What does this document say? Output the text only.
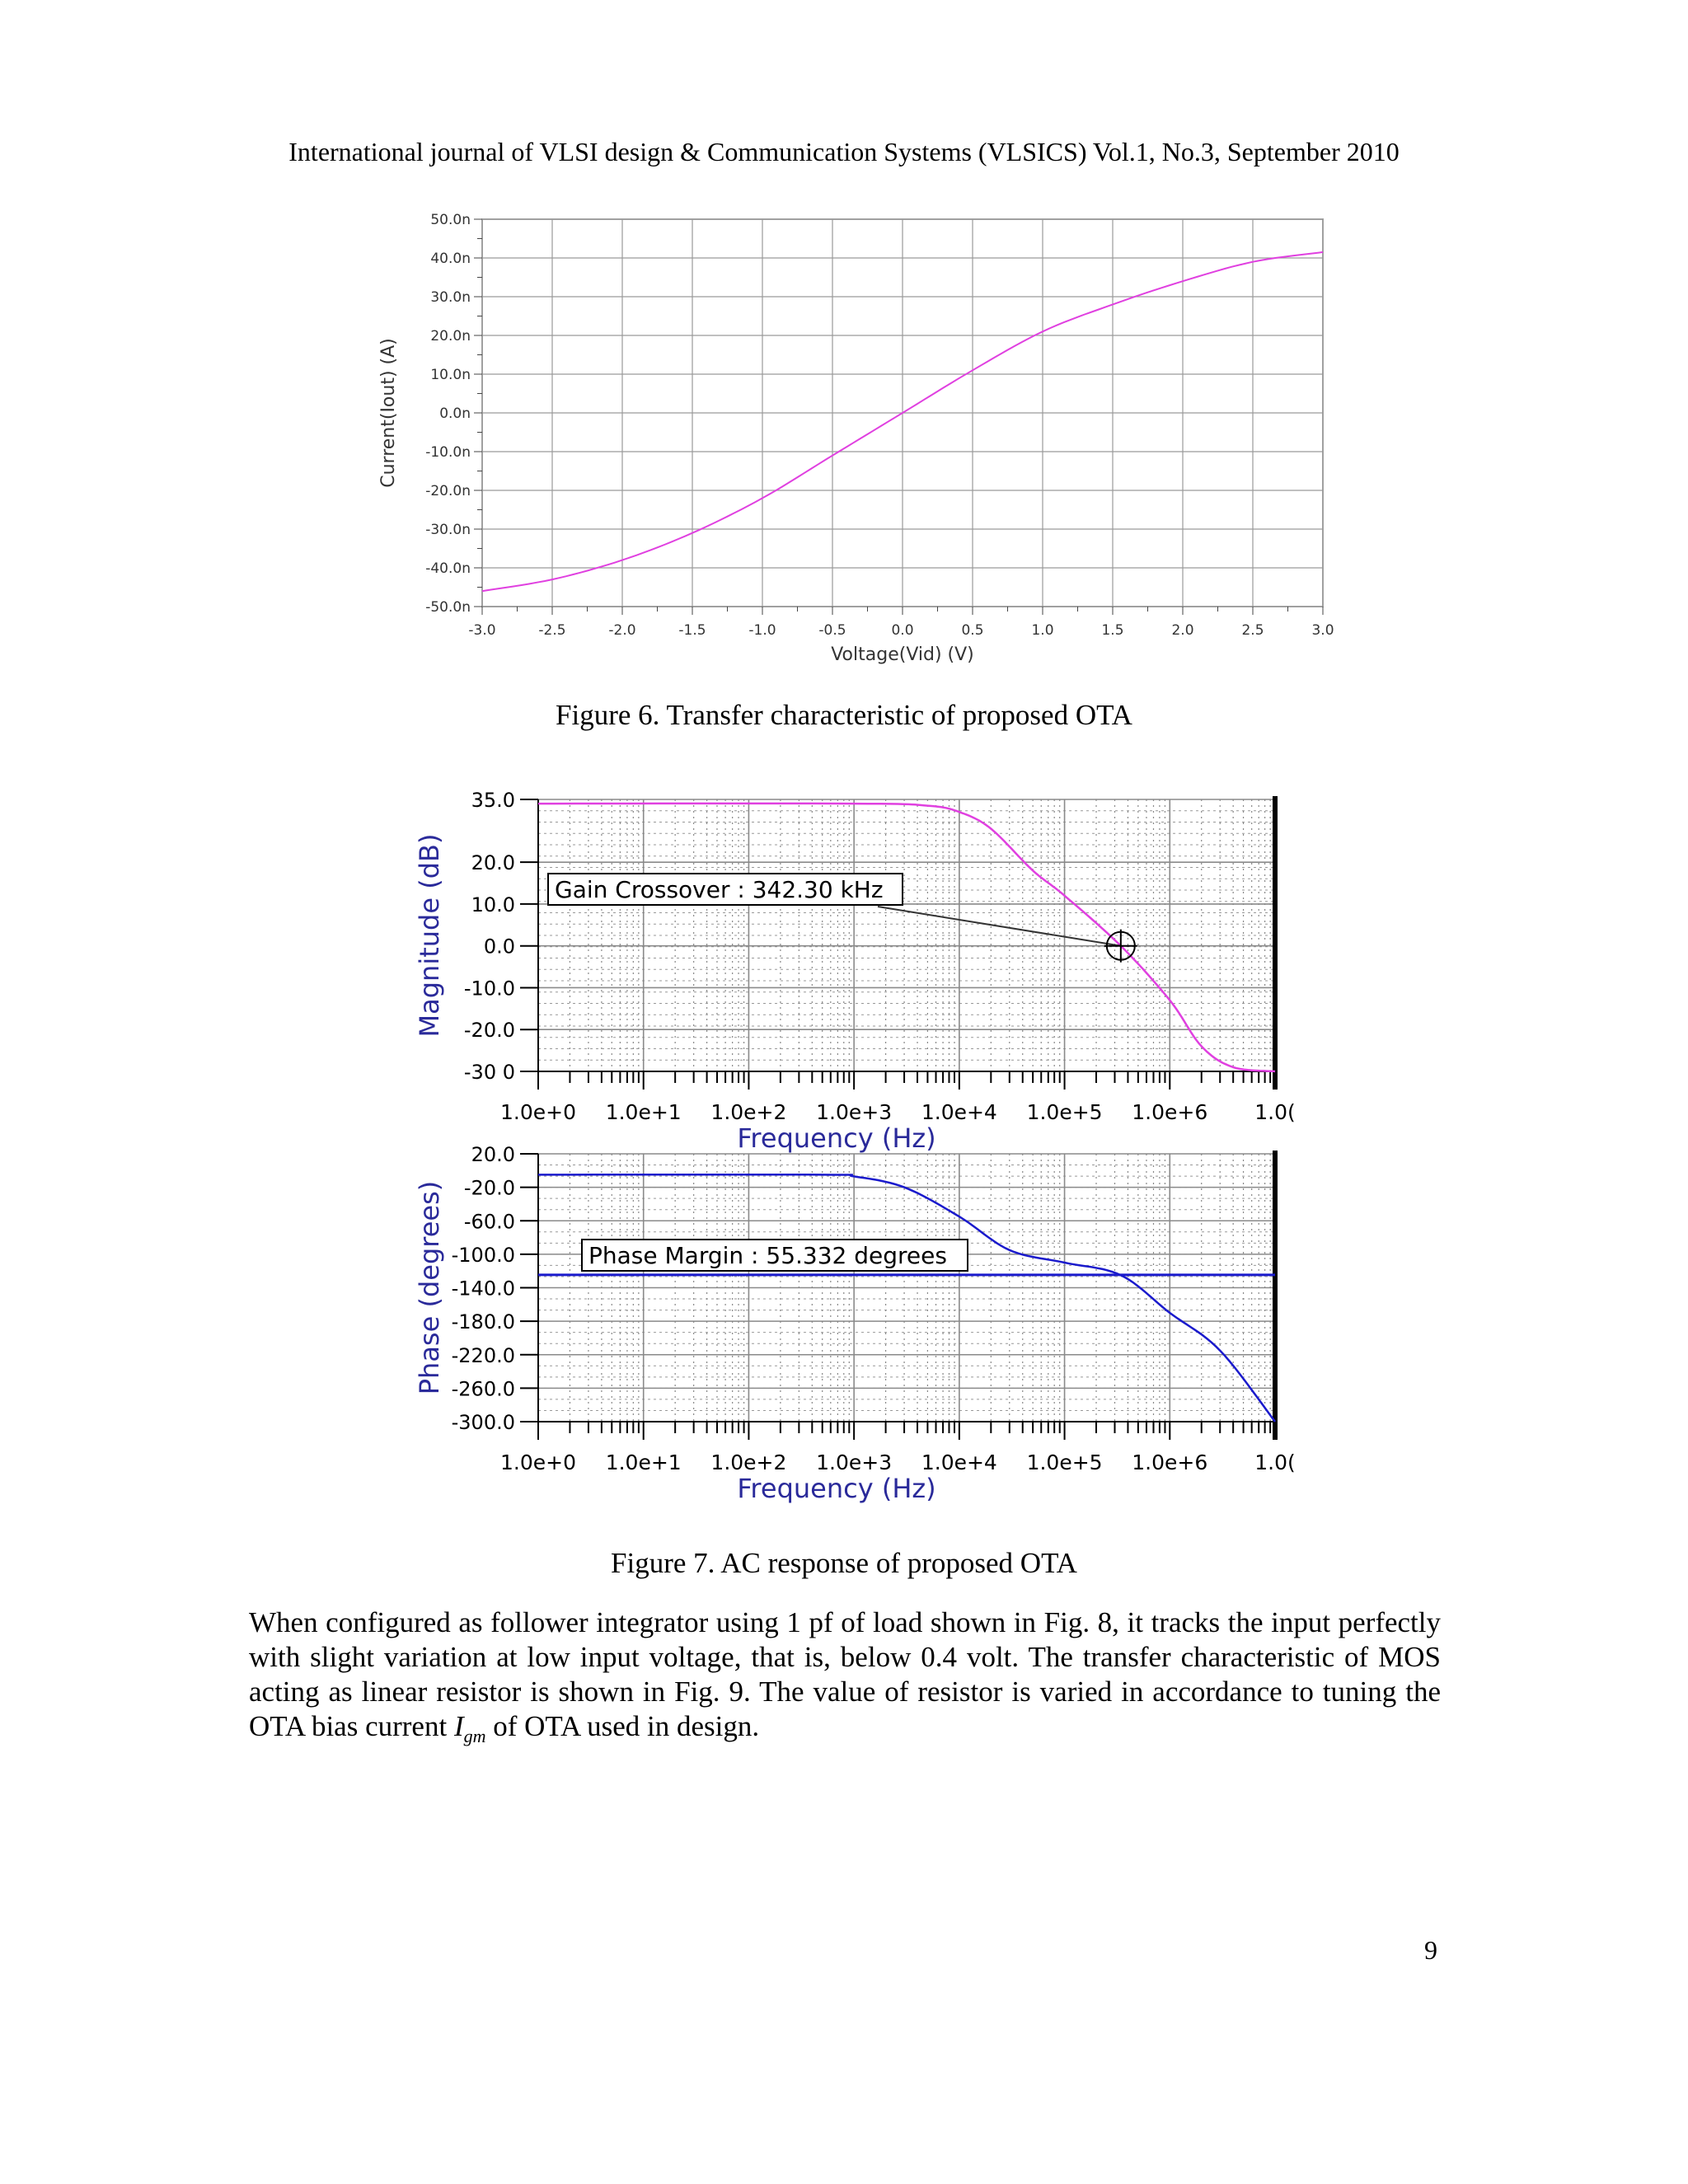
International journal of VLSI design & Communication Systems (VLSICS) Vol.1, No.3, September 2010
-3.0	-2.5	-2.0	-1.5	-1.0	-0.5	0.0	0.5	1.0	1.5	2.0	2.5	3.0
50.0n
40.0n
30.0n
20.0n
10.0n
0.0n
-10.0n
-20.0n
-30.0n
-40.0n
-50.0n
Voltage(Vid) (V)
Current(Iout) (A)
Figure 6. Transfer characteristic of proposed OTA
35.0
20.0
10.0
0.0
-10.0
-20.0
-30 0
1.0e+0 1.0e+1 1.0e+2 1.0e+3 1.0e+4 1.0e+5 1.0e+6 1.0(
Frequency (Hz)
Magnitude (dB)	Gain Crossover : 342.30 kHz
20.0
-20.0
-60.0
-100.0
-140.0
-180.0
-220.0
-260.0
-300.0
1.0e+0 1.0e+1 1.0e+2 1.0e+3 1.0e+4 1.0e+5 1.0e+6 1.0(
Frequency (Hz)
Phase (degrees)	Phase Margin : 55.332 degrees
Figure 7. AC response of proposed OTA
When configured as follower integrator using 1 pf of load shown in Fig. 8, it tracks the input perfectly with slight variation at low input voltage, that is, below 0.4 volt. The transfer characteristic of MOS acting as linear resistor is shown in Fig. 9. The value of resistor is varied in accordance to tuning the OTA bias current $I_{gm}$ of OTA used in design.
9
